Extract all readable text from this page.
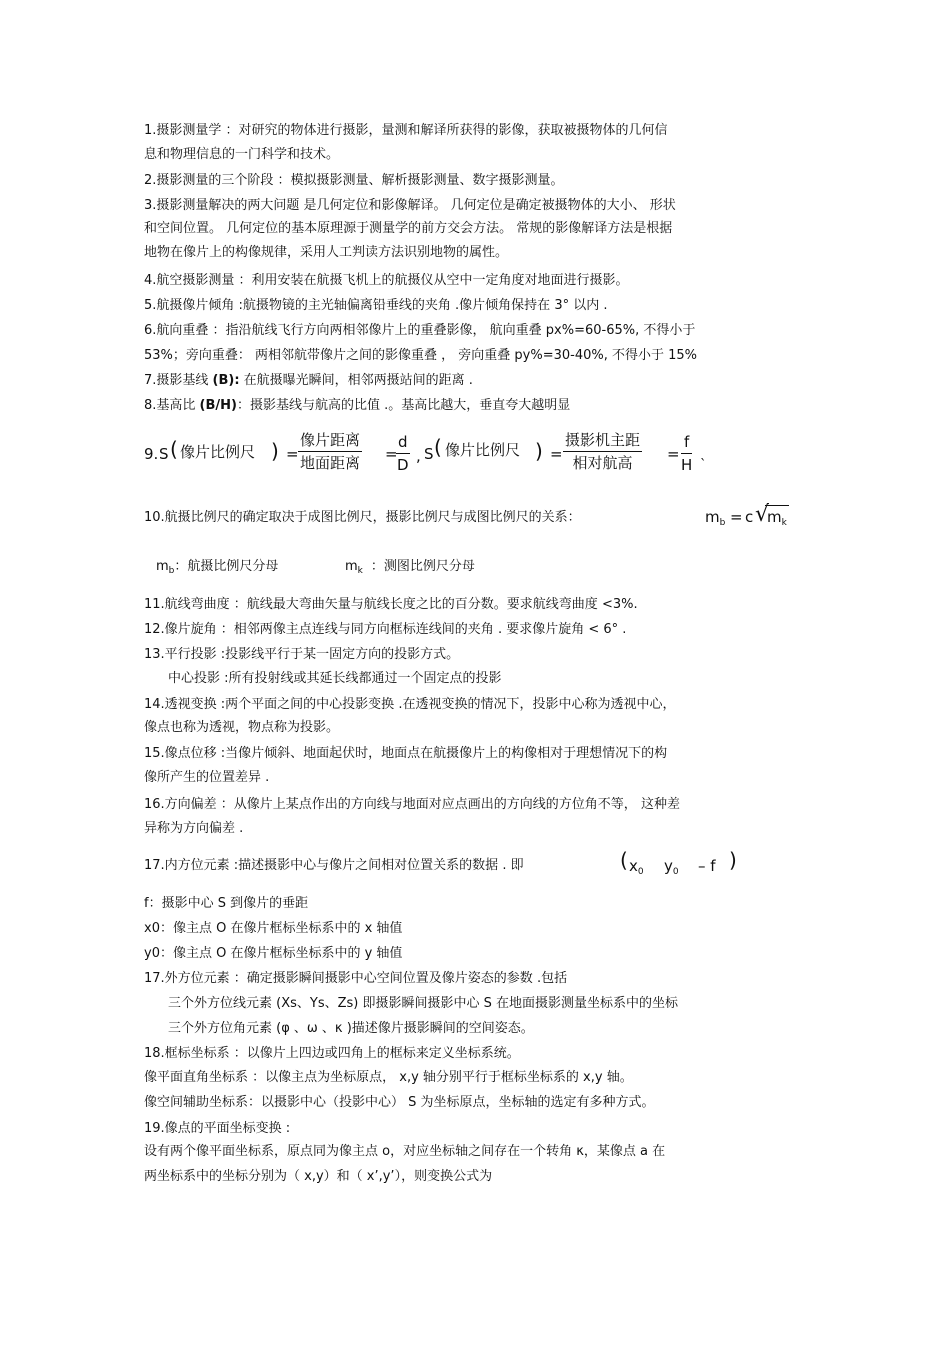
1.摄影测量学 ：对研究的物体进行摄影，量测和解译所获得的影像，获取被摄物体的几何信
息和物理信息的一门科学和技术。
2.摄影测量的三个阶段 ：模拟摄影测量、解析摄影测量、数字摄影测量。
3.摄影测量解决的两大问题 是几何定位和影像解译。 几何定位是确定被摄物体的大小、 形状
和空间位置。 几何定位的基本原理源于测量学的前方交会方法。 常规的影像解译方法是根据
地物在像片上的构像规律，采用人工判读方法识别地物的属性。
4.航空摄影测量 ：利用安装在航摄飞机上的航摄仪从空中一定角度对地面进行摄影。
5.航摄像片倾角 :航摄物镜的主光轴偏离铅垂线的夹角 .像片倾角保持在 3° 以内 .
6.航向重叠 ：指沿航线飞行方向两相邻像片上的重叠影像， 航向重叠 px%=60-65%, 不得小于
53%；旁向重叠： 两相邻航带像片之间的影像重叠 ， 旁向重叠 py%=30-40%, 不得小于 15%
7.摄影基线 (B): 在航摄曝光瞬间，相邻两摄站间的距离 .
8.基高比 (B/H)：摄影基线与航高的比值 .。基高比越大，垂直夸大越明显
9. S ( 像片比例尺 ) =
像片距离
地面距离 =
$\frac{d}{D}$ , S ( 像片比例尺 ) =
摄影机主距
相对航高	= $\frac{f}{H}$ `
10.航摄比例尺的确定取决于成图比例尺，摄影比例尺与成图比例尺的关系：	$m_b = c$ √
$m_k$
$m_b$：航摄比例尺分母	$m_k$ ：测图比例尺分母
11.航线弯曲度 ：航线最大弯曲矢量与航线长度之比的百分数。要求航线弯曲度 <3%.
12.像片旋角 ：相邻两像主点连线与同方向框标连线间的夹角 . 要求像片旋角 < 6° .
13.平行投影 :投影线平行于某一固定方向的投影方式。
中心投影 :所有投射线或其延长线都通过一个固定点的投影
14.透视变换 :两个平面之间的中心投影变换 .在透视变换的情况下，投影中心称为透视中心，
像点也称为透视，物点称为投影。
15.像点位移 :当像片倾斜、地面起伏时，地面点在航摄像片上的构像相对于理想情况下的构
像所产生的位置差异 .
16.方向偏差 ：从像片上某点作出的方向线与地面对应点画出的方向线的方位角不等， 这种差
异称为方向偏差 .
17.内方位元素 :描述摄影中心与像片之间相对位置关系的数据 . 即	( $x_0$ $y_0$ – f )
f：摄影中心 S 到像片的垂距
x0：像主点 O 在像片框标坐标系中的 x 轴值
y0：像主点 O 在像片框标坐标系中的 y 轴值
17.外方位元素 ：确定摄影瞬间摄影中心空间位置及像片姿态的参数 .包括
三个外方位线元素 (Xs、Ys、Zs) 即摄影瞬间摄影中心 S 在地面摄影测量坐标系中的坐标
三个外方位角元素 (φ 、ω 、κ )描述像片摄影瞬间的空间姿态。
18.框标坐标系 ：以像片上四边或四角上的框标来定义坐标系统。
像平面直角坐标系 ：以像主点为坐标原点， x,y 轴分别平行于框标坐标系的 x,y 轴。
像空间辅助坐标系：以摄影中心（投影中心） S 为坐标原点，坐标轴的选定有多种方式。
19.像点的平面坐标变换 :
设有两个像平面坐标系，原点同为像主点 o，对应坐标轴之间存在一个转角 κ，某像点 a 在
两坐标系中的坐标分别为（ x,y）和（ x’,y’），则变换公式为
